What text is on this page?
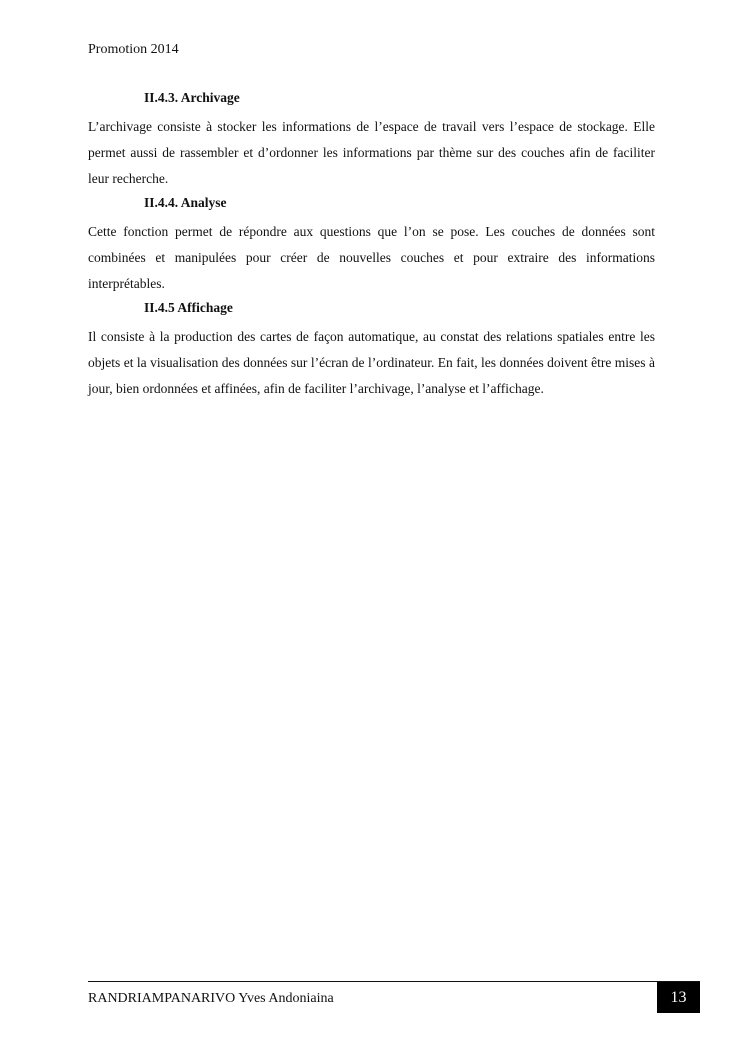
Promotion 2014
II.4.3. Archivage

L’archivage consiste à stocker les informations de l’espace de travail vers l’espace de stockage. Elle permet aussi de rassembler et d’ordonner les informations par thème sur des couches afin de faciliter leur recherche.

II.4.4. Analyse

Cette fonction permet de répondre aux questions que l’on se pose. Les couches de données sont combinées et manipulées pour créer de nouvelles couches et pour extraire des informations interprétables.

II.4.5 Affichage

Il consiste à la production des cartes de façon automatique, au constat des relations spatiales entre les objets et la visualisation des données sur l’écran de l’ordinateur. En fait, les données doivent être mises à jour, bien ordonnées et affinées, afin de faciliter l’archivage, l’analyse et l’affichage.

RANDRIAMPANARIVO Yves Andoniaina	13
